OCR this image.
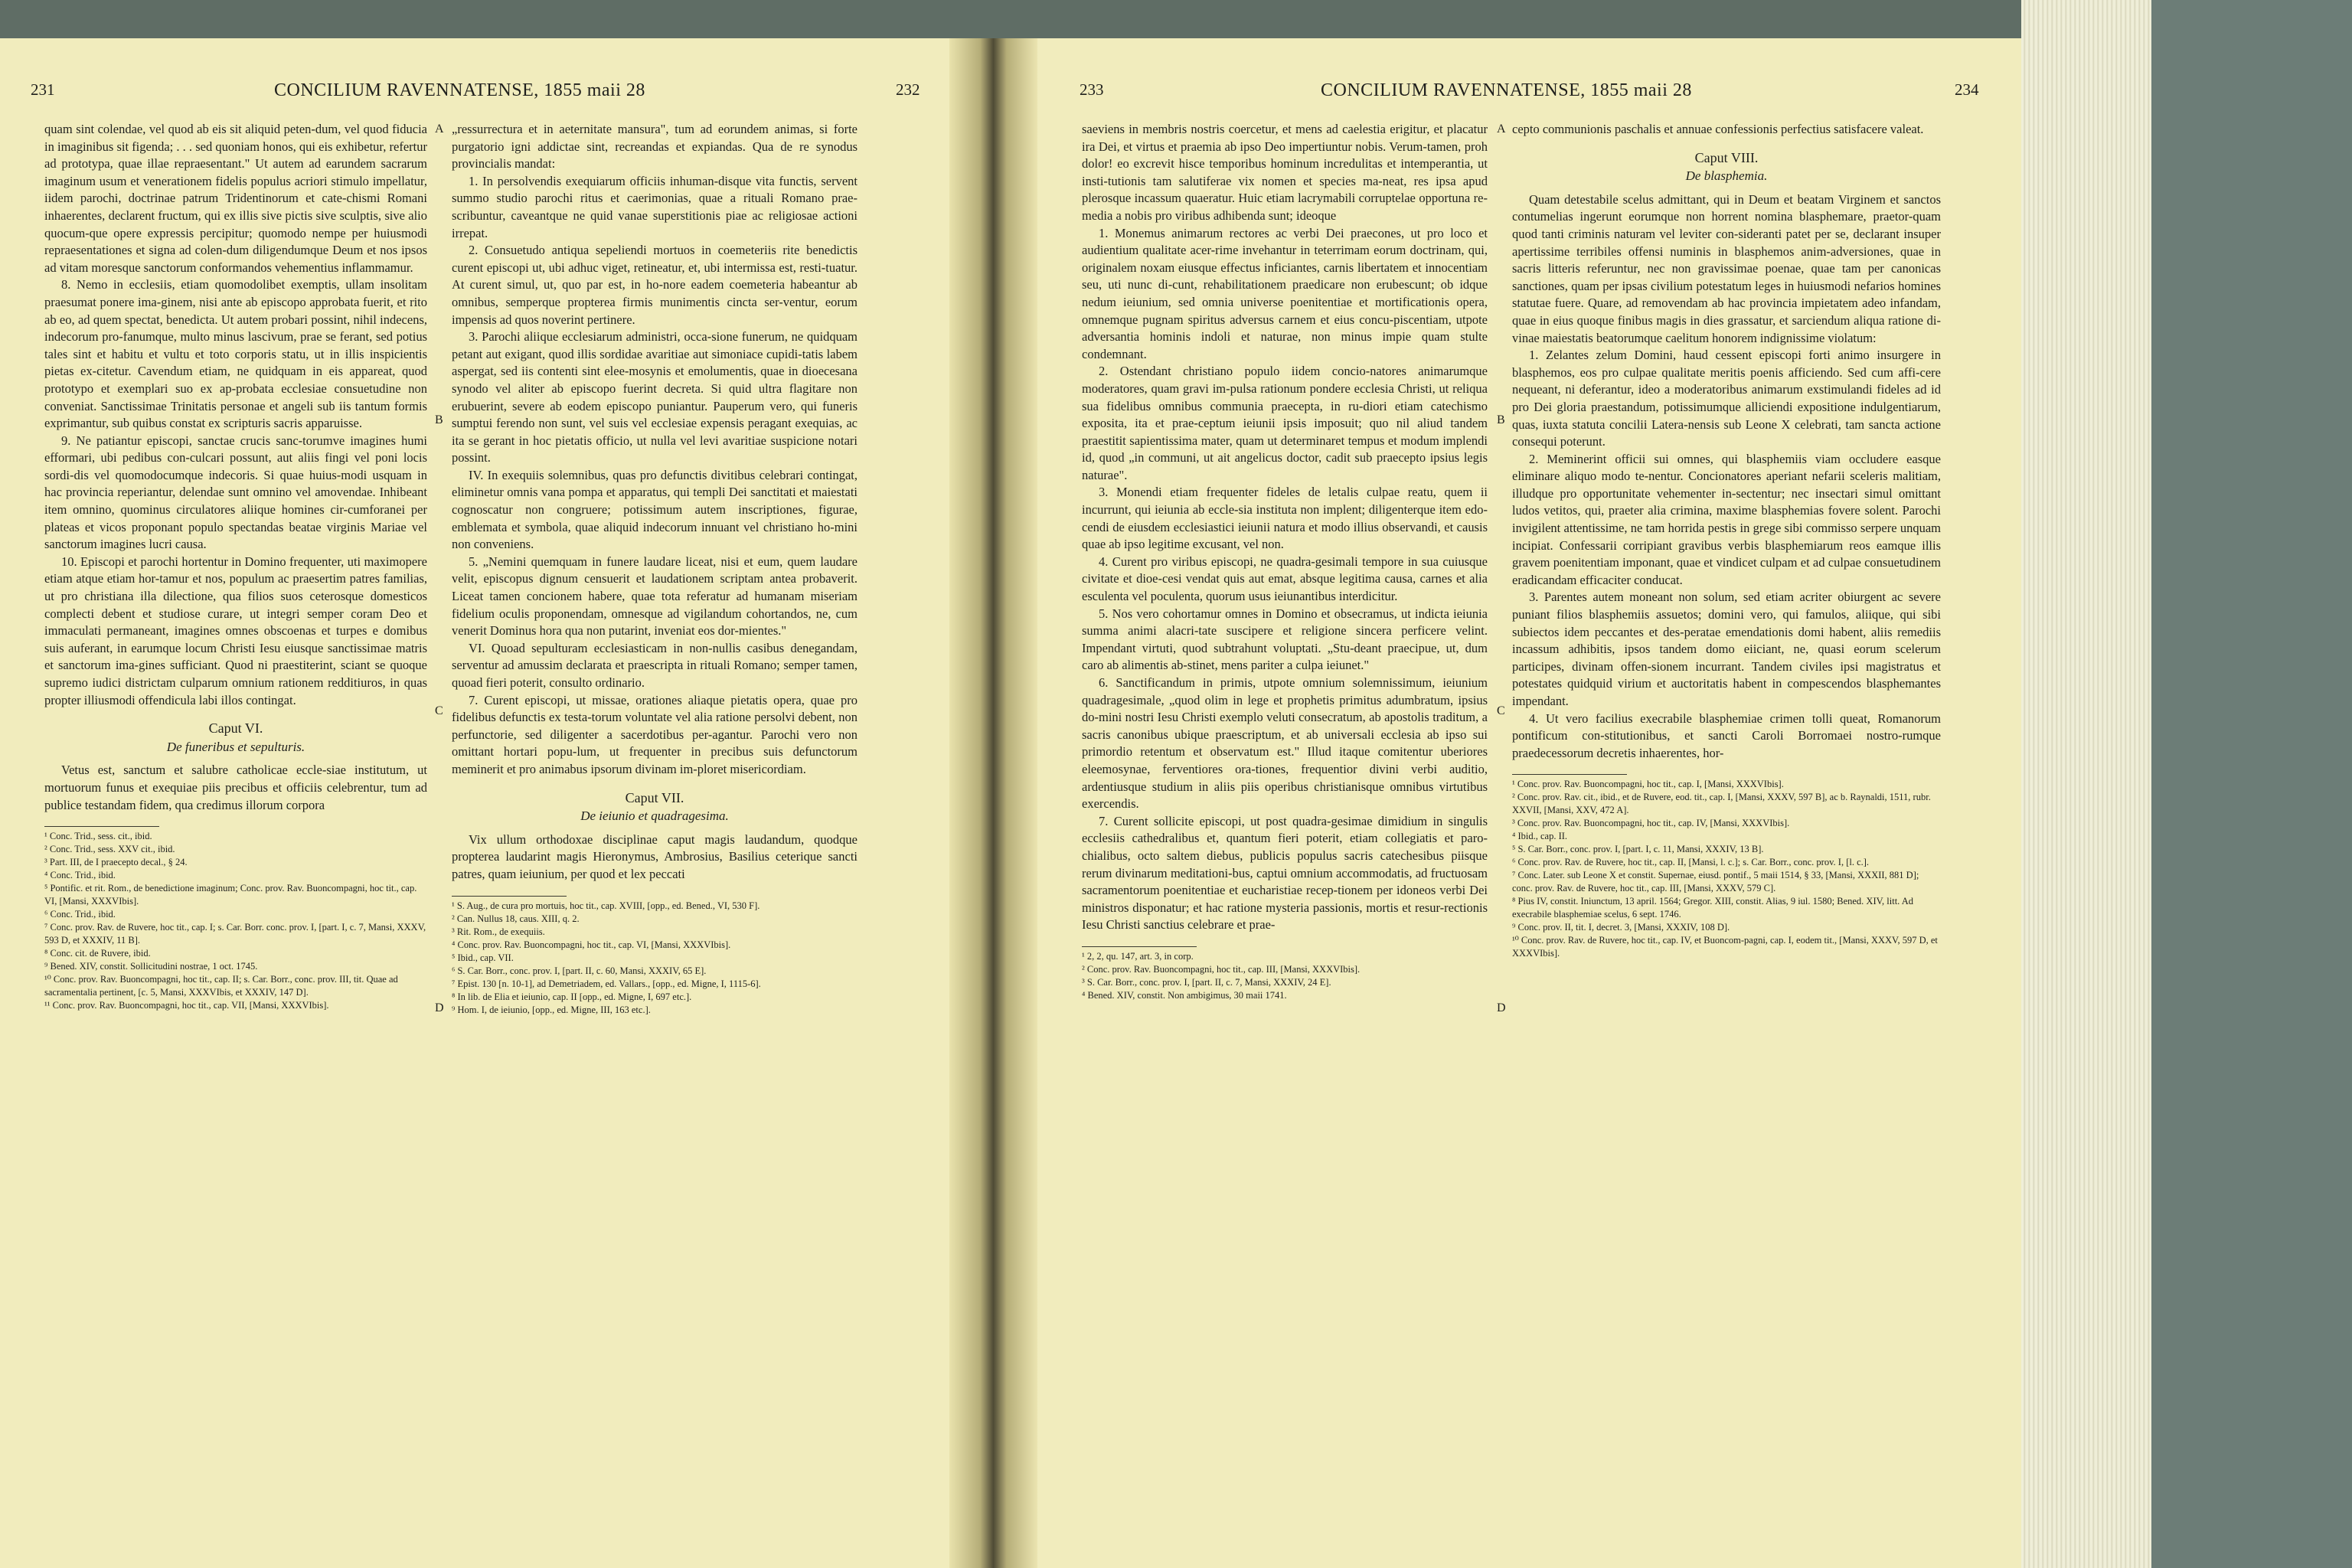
231	CONCILIUM RAVENNATENSE, 1855 maii 28	232

quam sint colendae, vel quod ab eis sit aliquid peten-dum, vel quod fiducia in imaginibus sit figenda; . . . sed quoniam honos, qui eis exhibetur, refertur ad prototypa, quae illae repraesentant." Ut autem ad earundem sacrarum imaginum usum et venerationem fidelis populus acriori stimulo impellatur, iidem parochi, doctrinae patrum Tridentinorum et cate-chismi Romani inhaerentes, declarent fructum, qui ex illis sive pictis sive sculptis, sive alio quocum-que opere expressis percipitur; quomodo nempe per huiusmodi repraesentationes et signa ad colen-dum diligendumque Deum et nos ipsos ad vitam moresque sanctorum conformandos vehementius inflammamur.

8. Nemo in ecclesiis, etiam quomodolibet exemptis, ullam insolitam praesumat ponere ima-ginem, nisi ante ab episcopo approbata fuerit, et rito ab eo, ad quem spectat, benedicta. Ut autem probari possint, nihil indecens, indecorum pro-fanumque, multo minus lascivum, prae se ferant, sed potius tales sint et habitu et vultu et toto corporis statu, ut in illis inspicientis pietas ex-citetur. Cavendum etiam, ne quidquam in eis appareat, quod prototypo et exemplari suo ex ap-probata ecclesiae consuetudine non conveniat. Sanctissimae Trinitatis personae et angeli sub iis tantum formis exprimantur, sub quibus constat ex scripturis sacris apparuisse.

9. Ne patiantur episcopi, sanctae crucis sanc-torumve imagines humi efformari, ubi pedibus con-culcari possunt, aut aliis fingi vel poni locis sordi-dis vel quomodocumque indecoris. Si quae huius-modi usquam in hac provincia reperiantur, delendae sunt omnino vel amovendae. Inhibeant item omnino, quominus circulatores aliique homines cir-cumforanei per plateas et vicos proponant populo spectandas beatae virginis Mariae vel sanctorum imagines lucri causa.

10. Episcopi et parochi hortentur in Domino frequenter, uti maximopere etiam atque etiam hor-tamur et nos, populum ac praesertim patres familias, ut pro christiana illa dilectione, qua filios suos ceterosque domesticos complecti debent et studiose curare, ut integri semper coram Deo et immaculati permaneant, imagines omnes obscoenas et turpes e domibus suis auferant, in earumque locum Christi Iesu eiusque sanctissimae matris et sanctorum ima-gines sufficiant. Quod ni praestiterint, sciant se quoque supremo iudici districtam culparum omnium rationem redditiuros, in quas propter illiusmodi offendicula labi illos contingat.

Caput VI.
De funeribus et sepulturis.

Vetus est, sanctum et salubre catholicae eccle-siae institutum, ut mortuorum funus et exequiae piis precibus et officiis celebrentur, tum ad publice testandam fidem, qua credimus illorum corpora

¹ Conc. Trid., sess. cit., ibid.
² Conc. Trid., sess. XXV cit., ibid.
³ Part. III, de I praecepto decal., § 24.
⁴ Conc. Trid., ibid.
⁵ Pontific. et rit. Rom., de benedictione imaginum; Conc. prov. Rav. Buoncompagni, hoc tit., cap. VI, [Mansi, XXXVIbis].
⁶ Conc. Trid., ibid.
⁷ Conc. prov. Rav. de Ruvere, hoc tit., cap. I; s. Car. Borr. conc. prov. I, [part. I, c. 7, Mansi, XXXV, 593 D, et XXXIV, 11 B].
⁸ Conc. cit. de Ruvere, ibid.
⁹ Bened. XIV, constit. Sollicitudini nostrae, 1 oct. 1745.
¹⁰ Conc. prov. Rav. Buoncompagni, hoc tit., cap. II; s. Car. Borr., conc. prov. III, tit. Quae ad sacramentalia pertinent, [c. 5, Mansi, XXXVIbis, et XXXIV, 147 D].
¹¹ Conc. prov. Rav. Buoncompagni, hoc tit., cap. VII, [Mansi, XXXVIbis].
A
B
C
D

„ressurrectura et in aeternitate mansura", tum ad eorundem animas, si forte purgatorio igni addictae sint, recreandas et expiandas. Qua de re synodus provincialis mandat:

1. In persolvendis exequiarum officiis inhuman-disque vita functis, servent summo studio parochi ritus et caerimonias, quae a rituali Romano prae-scribuntur, caveantque ne quid vanae superstitionis piae ac religiosae actioni irrepat.

2. Consuetudo antiqua sepeliendi mortuos in coemeteriis rite benedictis curent episcopi ut, ubi adhuc viget, retineatur, et, ubi intermissa est, resti-tuatur. At curent simul, ut, quo par est, in ho-nore eadem coemeteria habeantur ab omnibus, semperque propterea firmis munimentis cincta ser-ventur, eorum impensis ad quos noverint pertinere.

3. Parochi aliique ecclesiarum administri, occa-sione funerum, ne quidquam petant aut exigant, quod illis sordidae avaritiae aut simoniace cupidi-tatis labem aspergat, sed iis contenti sint elee-mosynis et emolumentis, quae in dioecesana synodo vel aliter ab episcopo fuerint decreta. Si quid ultra flagitare non erubuerint, severe ab eodem episcopo puniantur. Pauperum vero, qui funeris sumptui ferendo non sunt, vel suis vel ecclesiae expensis peragant exequias, ac ita se gerant in hoc pietatis officio, ut nulla vel levi avaritiae suspicione notari possint.

IV. In exequiis solemnibus, quas pro defunctis divitibus celebrari contingat, eliminetur omnis vana pompa et apparatus, qui templi Dei sanctitati et maiestati cognoscatur non congruere; potissimum autem inscriptiones, figurae, emblemata et symbola, quae aliquid indecorum innuant vel christiano ho-mini non conveniens.

5. „Nemini quemquam in funere laudare liceat, nisi et eum, quem laudare velit, episcopus dignum censuerit et laudationem scriptam antea probaverit. Liceat tamen concionem habere, quae tota referatur ad humanam miseriam fidelium oculis proponendam, omnesque ad vigilandum cohortandos, ne, cum venerit Dominus hora qua non putarint, inveniat eos dor-mientes."

VI. Quoad sepulturam ecclesiasticam in non-nullis casibus denegandam, serventur ad amussim declarata et praescripta in rituali Romano; semper tamen, quoad fieri poterit, consulto ordinario.

7. Curent episcopi, ut missae, orationes aliaque pietatis opera, quae pro fidelibus defunctis ex testa-torum voluntate vel alia ratione persolvi debent, non perfunctorie, sed diligenter a sacerdotibus per-agantur. Parochi vero non omittant hortari popu-lum, ut frequenter in precibus suis defunctorum meminerit et pro animabus ipsorum divinam im-ploret misericordiam.

Caput VII.
De ieiunio et quadragesima.

Vix ullum orthodoxae disciplinae caput magis laudandum, quodque propterea laudarint magis Hieronymus, Ambrosius, Basilius ceterique sancti patres, quam ieiunium, per quod et lex peccati

¹ S. Aug., de cura pro mortuis, hoc tit., cap. XVIII, [opp., ed. Bened., VI, 530 F].
² Can. Nullus 18, caus. XIII, q. 2.
³ Rit. Rom., de exequiis.
⁴ Conc. prov. Rav. Buoncompagni, hoc tit., cap. VI, [Mansi, XXXVIbis].
⁵ Ibid., cap. VII.
⁶ S. Car. Borr., conc. prov. I, [part. II, c. 60, Mansi, XXXIV, 65 E].
⁷ Epist. 130 [n. 10-1], ad Demetriadem, ed. Vallars., [opp., ed. Migne, I, 1115-6].
⁸ In lib. de Elia et ieiunio, cap. II [opp., ed. Migne, I, 697 etc.].
⁹ Hom. I, de ieiunio, [opp., ed. Migne, III, 163 etc.].
233	CONCILIUM RAVENNATENSE, 1855 maii 28	234

saeviens in membris nostris coercetur, et mens ad caelestia erigitur, et placatur ira Dei, et virtus et praemia ab ipso Deo impertiuntur nobis. Verum-tamen, proh dolor! eo excrevit hisce temporibus hominum incredulitas et intemperantia, ut insti-tutionis tam salutiferae vix nomen et species ma-neat, res ipsa apud plerosque incassum quaeratur. Huic etiam lacrymabili corruptelae opportuna re-media a nobis pro viribus adhibenda sunt; ideoque

1. Monemus animarum rectores ac verbi Dei praecones, ut pro loco et audientium qualitate acer-rime invehantur in teterrimam eorum doctrinam, qui, originalem noxam eiusque effectus inficiantes, carnis libertatem et innocentiam seu, uti nunc di-cunt, rehabilitationem praedicare non erubescunt; ob idque nedum ieiunium, sed omnia universe poenitentiae et mortificationis opera, omnemque pugnam spiritus adversus carnem et eius concu-piscentiam, utpote adversantia hominis indoli et naturae, non minus impie quam stulte condemnant.

2. Ostendant christiano populo iidem concio-natores animarumque moderatores, quam gravi im-pulsa rationum pondere ecclesia Christi, ut reliqua sua fidelibus omnibus communia praecepta, in ru-diori etiam catechismo exposita, ita et prae-ceptum ieiunii ipsis imposuit; quo nil aliud tandem praestitit sapientissima mater, quam ut determinaret tempus et modum implendi id, quod „in communi, ut ait angelicus doctor, cadit sub praecepto ipsius legis naturae".

3. Monendi etiam frequenter fideles de letalis culpae reatu, quem ii incurrunt, qui ieiunia ab eccle-sia instituta non implent; diligenterque item edo-cendi de eiusdem ecclesiastici ieiunii natura et modo illius observandi, et causis quae ab ipso legitime excusant, vel non.

4. Curent pro viribus episcopi, ne quadra-gesimali tempore in sua cuiusque civitate et dioe-cesi vendat quis aut emat, absque legitima causa, carnes et alia esculenta vel poculenta, quorum usus ieiunantibus interdicitur.

5. Nos vero cohortamur omnes in Domino et obsecramus, ut indicta ieiunia summa animi alacri-tate suscipere et religione sincera perficere velint. Impendant virtuti, quod subtrahunt voluptati. „Stu-deant praecipue, ut, dum caro ab alimentis ab-stinet, mens pariter a culpa ieiunet."

6. Sanctificandum in primis, utpote omnium solemnissimum, ieiunium quadragesimale, „quod olim in lege et prophetis primitus adumbratum, ipsius do-mini nostri Iesu Christi exemplo veluti consecratum, ab apostolis traditum, a sacris canonibus ubique praescriptum, et ab universali ecclesia ab ipso sui primordio retentum et observatum est." Illud itaque comitentur uberiores eleemosynae, ferventiores ora-tiones, frequentior divini verbi auditio, ardentiusque studium in aliis piis operibus christianisque omnibus virtutibus exercendis.

7. Curent sollicite episcopi, ut post quadra-gesimae dimidium in singulis ecclesiis cathedralibus et, quantum fieri poterit, etiam collegiatis et paro-chialibus, octo saltem diebus, publicis populus sacris catechesibus piisque rerum divinarum meditationi-bus, captui omnium accommodatis, ad fructuosam sacramentorum poenitentiae et eucharistiae recep-tionem per idoneos verbi Dei ministros disponatur; et hac ratione mysteria passionis, mortis et resur-rectionis Iesu Christi sanctius celebrare et prae-

¹ 2, 2, qu. 147, art. 3, in corp.
² Conc. prov. Rav. Buoncompagni, hoc tit., cap. III, [Mansi, XXXVIbis].
³ S. Car. Borr., conc. prov. I, [part. II, c. 7, Mansi, XXXIV, 24 E].
⁴ Bened. XIV, constit. Non ambigimus, 30 maii 1741.
A
B
C
D

cepto communionis paschalis et annuae confessionis perfectius satisfacere valeat.

Caput VIII.
De blasphemia.

Quam detestabile scelus admittant, qui in Deum et beatam Virginem et sanctos contumelias ingerunt eorumque non horrent nomina blasphemare, praetor-quam quod tanti criminis naturam vel leviter con-sideranti patet per se, declarant insuper apertissime terribiles offensi numinis in blasphemos anim-adversiones, quae in sacris litteris referuntur, nec non gravissimae poenae, quae tam per canonicas sanctiones, quam per ipsas civilium potestatum leges in huiusmodi nefarios homines statutae fuere. Quare, ad removendam ab hac provincia impietatem adeo infandam, quae in eius quoque finibus magis in dies grassatur, et sarciendum aliqua ratione di-vinae maiestatis beatorumque caelitum honorem indignissime violatum:

1. Zelantes zelum Domini, haud cessent episcopi forti animo insurgere in blasphemos, eos pro culpae qualitate meritis poenis afficiendo. Sed cum affi-cere nequeant, ni deferantur, ideo a moderatoribus animarum exstimulandi fideles ad id pro Dei gloria praestandum, potissimumque alliciendi expositione indulgentiarum, quas, iuxta statuta concilii Latera-nensis sub Leone X celebrati, tam sancta actione consequi poterunt.

2. Meminerint officii sui omnes, qui blasphemiis viam occludere easque eliminare aliquo modo te-nentur. Concionatores aperiant nefarii sceleris malitiam, illudque pro opportunitate vehementer in-sectentur; nec insectari simul omittant ludos vetitos, qui, praeter alia crimina, maxime blasphemias fovere solent. Parochi invigilent attentissime, ne tam horrida pestis in grege sibi commisso serpere unquam incipiat. Confessarii corripiant gravibus verbis blasphemiarum reos eamque illis gravem poenitentiam imponant, quae et vindicet culpam et ad culpae consuetudinem eradicandam efficaciter conducat.

3. Parentes autem moneant non solum, sed etiam acriter obiurgent ac severe puniant filios blasphemiis assuetos; domini vero, qui famulos, aliique, qui sibi subiectos idem peccantes et des-peratae emendationis domi habent, aliis remediis incassum adhibitis, ipsos tandem domo eiiciant, ne, quasi eorum scelerum participes, divinam offen-sionem incurrant. Tandem civiles ipsi magistratus et potestates quidquid virium et auctoritatis habent in compescendos blasphemantes impendant.

4. Ut vero facilius execrabile blasphemiae crimen tolli queat, Romanorum pontificum con-stitutionibus, et sancti Caroli Borromaei nostro-rumque praedecessorum decretis inhaerentes, hor-

¹ Conc. prov. Rav. Buoncompagni, hoc tit., cap. I, [Mansi, XXXVIbis].
² Conc. prov. Rav. cit., ibid., et de Ruvere, eod. tit., cap. I, [Mansi, XXXV, 597 B], ac b. Raynaldi, 1511, rubr. XXVII, [Mansi, XXV, 472 A].
³ Conc. prov. Rav. Buoncompagni, hoc tit., cap. IV, [Mansi, XXXVIbis].
⁴ Ibid., cap. II.
⁵ S. Car. Borr., conc. prov. I, [part. I, c. 11, Mansi, XXXIV, 13 B].
⁶ Conc. prov. Rav. de Ruvere, hoc tit., cap. II, [Mansi, l. c.]; s. Car. Borr., conc. prov. I, [l. c.].
⁷ Conc. Later. sub Leone X et constit. Supernae, eiusd. pontif., 5 maii 1514, § 33, [Mansi, XXXII, 881 D]; conc. prov. Rav. de Ruvere, hoc tit., cap. III, [Mansi, XXXV, 579 C].
⁸ Pius IV, constit. Iniunctum, 13 april. 1564; Gregor. XIII, constit. Alias, 9 iul. 1580; Bened. XIV, litt. Ad execrabile blasphemiae scelus, 6 sept. 1746.
⁹ Conc. prov. II, tit. I, decret. 3, [Mansi, XXXIV, 108 D].
¹⁰ Conc. prov. Rav. de Ruvere, hoc tit., cap. IV, et Buoncom-pagni, cap. I, eodem tit., [Mansi, XXXV, 597 D, et XXXVIbis].
